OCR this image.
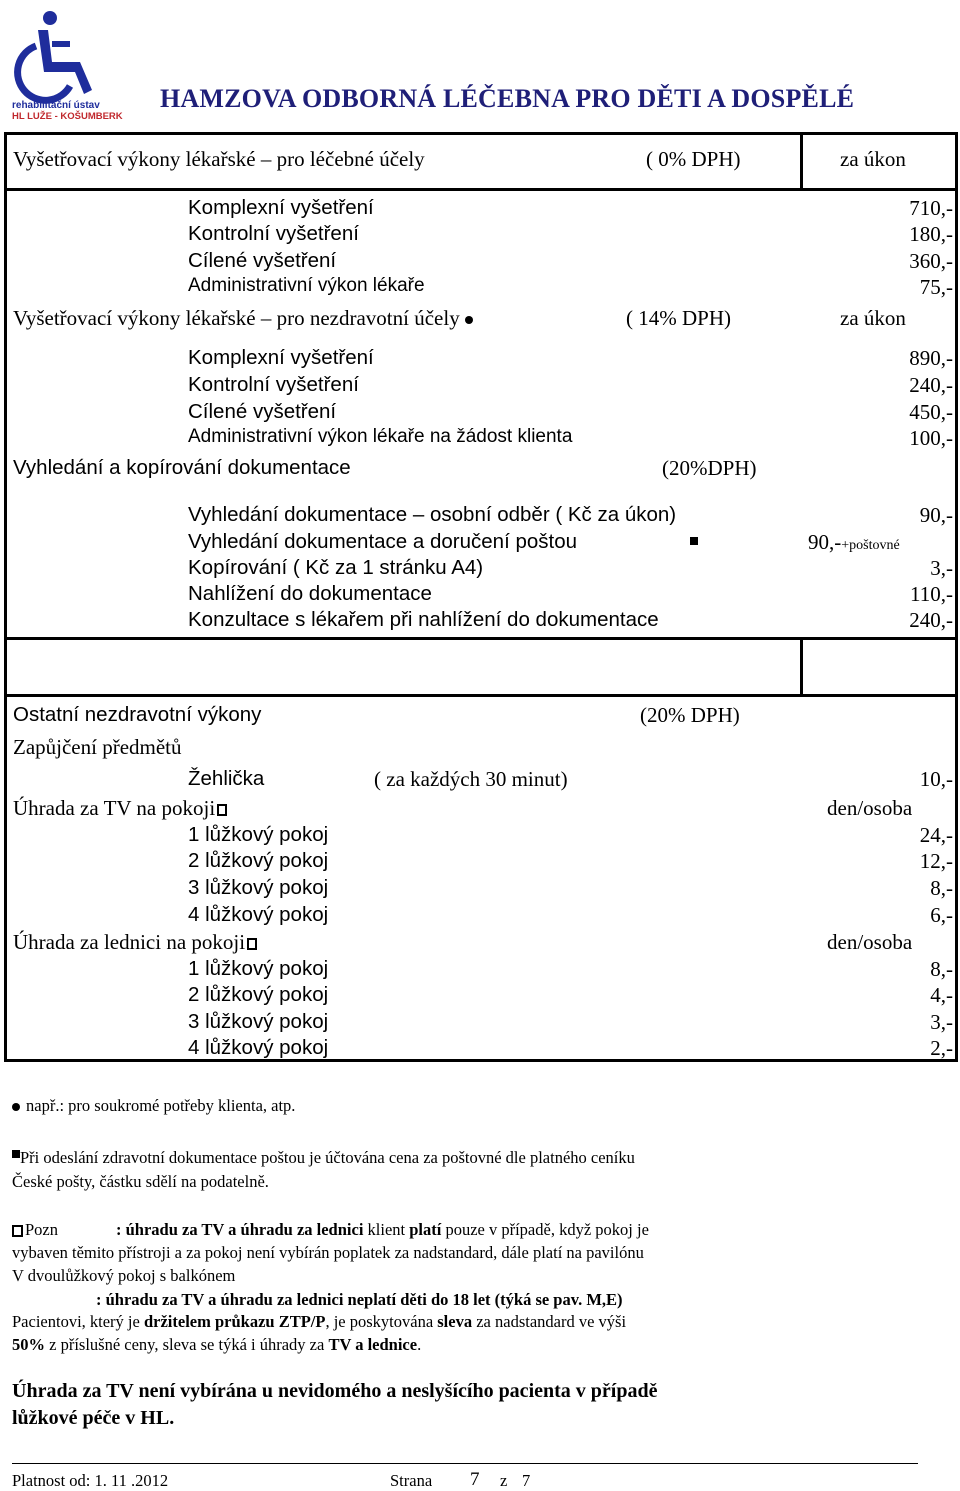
rehabilitační ústav
HL LUŽE - KOŠUMBERK
HAMZOVA ODBORNÁ LÉČEBNA PRO DĚTI A DOSPĚLÉ
Vyšetřovací výkony lékařské – pro léčebné účely	( 0% DPH)	za úkon
Komplexní vyšetření	710,-
Kontrolní vyšetření	180,-
Cílené vyšetření	360,-
Administrativní výkon lékaře	75,-
Vyšetřovací výkony lékařské – pro nezdravotní účely	( 14% DPH)	za úkon
Komplexní vyšetření	890,-
Kontrolní vyšetření	240,-
Cílené vyšetření	450,-
Administrativní výkon lékaře na žádost klienta	100,-
Vyhledání a kopírování dokumentace	(20%DPH)
Vyhledání dokumentace – osobní odběr ( Kč za úkon)	90,-
Vyhledání dokumentace a doručení poštou	90,-+poštovné
Kopírování ( Kč za 1 stránku A4)	3,-
Nahlížení do dokumentace	110,-
Konzultace s lékařem při nahlížení do dokumentace	240,-
Ostatní nezdravotní výkony	(20% DPH)
Zapůjčení předmětů
Žehlička	( za každých 30 minut)	10,-
Úhrada za TV na pokoji	den/osoba
1 lůžkový pokoj	24,-
2 lůžkový pokoj	12,-
3 lůžkový pokoj	8,-
4 lůžkový pokoj	6,-
Úhrada za lednici na pokoji	den/osoba
1 lůžkový pokoj	8,-
2 lůžkový pokoj	4,-
3 lůžkový pokoj	3,-
4 lůžkový pokoj	2,-
např.: pro soukromé potřeby klienta, atp.
Při odeslání zdravotní dokumentace poštou je účtována cena za poštovné dle platného ceníku
České pošty, částku sdělí na podatelně.
Pozn	: úhradu za TV a úhradu za lednici klient platí pouze v případě, když pokoj je
vybaven těmito přístroji a za pokoj není vybírán poplatek za nadstandard, dále platí na pavilónu
V dvoulůžkový pokoj s balkónem
: úhradu za TV a úhradu za lednici neplatí děti do 18 let (týká se pav. M,E)
Pacientovi, který je držitelem průkazu ZTP/P, je poskytována sleva za nadstandard ve výši
50% z příslušné ceny, sleva se týká i úhrady za TV a lednice.
Úhrada za TV není vybírána u nevidomého a neslyšícího pacienta v případě
lůžkové péče v HL.
Platnost od: 1. 11 .2012	Strana 7 z 7
